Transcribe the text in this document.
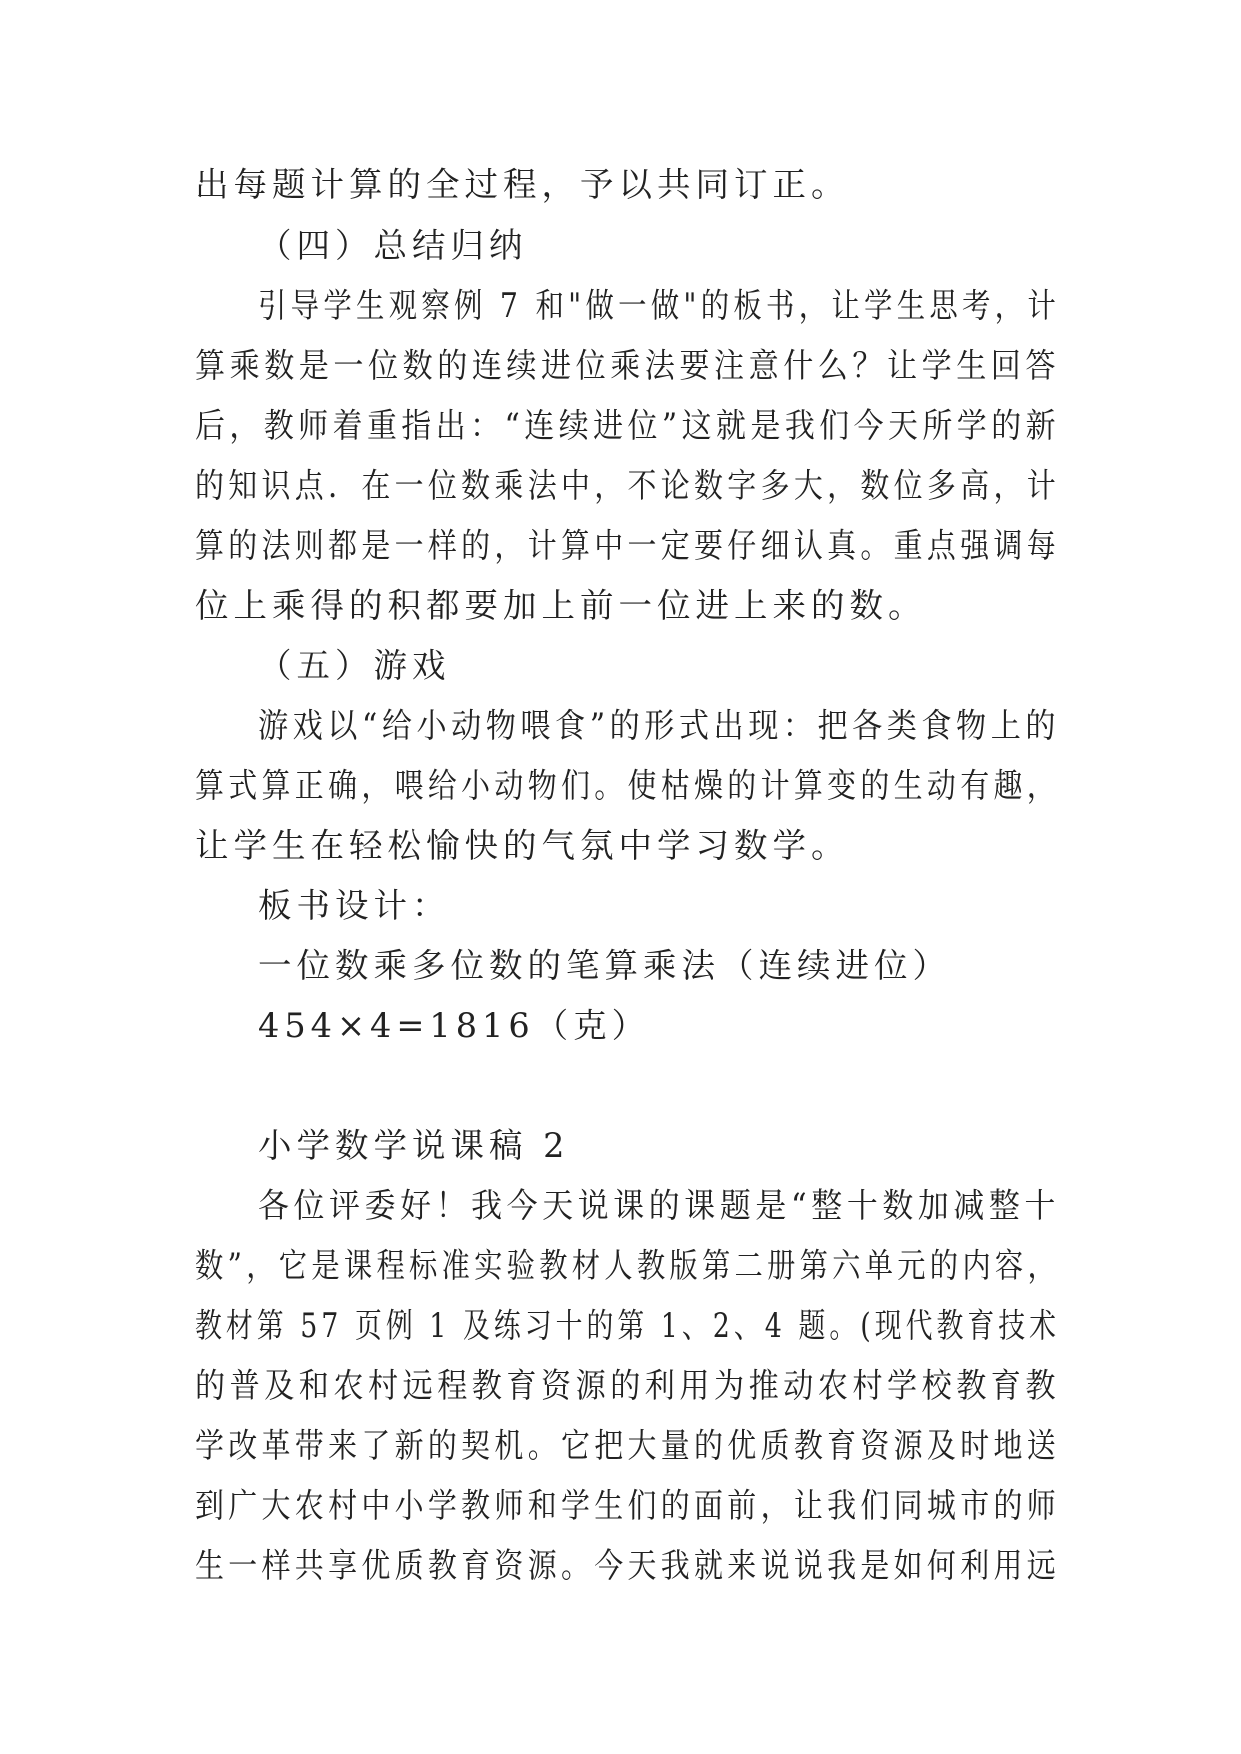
出每题计算的全过程，予以共同订正。
（四）总结归纳
引导学生观察例 7 和"做一做"的板书，让学生思考，计
算乘数是一位数的连续进位乘法要注意什么？让学生回答
后，教师着重指出：“连续进位”这就是我们今天所学的新
的知识点．在一位数乘法中，不论数字多大，数位多高，计
算的法则都是一样的，计算中一定要仔细认真。重点强调每
位上乘得的积都要加上前一位进上来的数。
（五）游戏
游戏以“给小动物喂食”的形式出现：把各类食物上的
算式算正确，喂给小动物们。使枯燥的计算变的生动有趣，
让学生在轻松愉快的气氛中学习数学。
板书设计：
一位数乘多位数的笔算乘法（连续进位）
454×4=1816（克）
小学数学说课稿 2
各位评委好！我今天说课的课题是“整十数加减整十
数”，它是课程标准实验教材人教版第二册第六单元的内容，
教材第 57 页例 1 及练习十的第 1、2、4 题。(现代教育技术
的普及和农村远程教育资源的利用为推动农村学校教育教
学改革带来了新的契机。它把大量的优质教育资源及时地送
到广大农村中小学教师和学生们的面前，让我们同城市的师
生一样共享优质教育资源。今天我就来说说我是如何利用远
